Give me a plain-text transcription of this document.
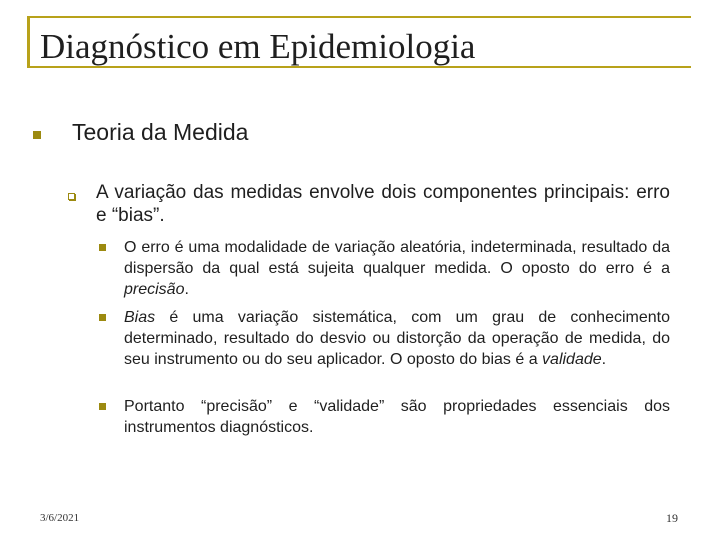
Diagnóstico em Epidemiologia
Teoria da Medida
A variação das medidas envolve dois componentes principais: erro e “bias”.
O erro é uma modalidade de variação aleatória, indeterminada, resultado da dispersão da qual está sujeita qualquer medida. O oposto do erro é a precisão.
Bias é uma variação sistemática, com um grau de conhecimento determinado, resultado do desvio ou distorção da operação de medida, do seu instrumento ou do seu aplicador. O oposto do bias é a validade.
Portanto “precisão” e “validade” são propriedades essenciais dos instrumentos diagnósticos.
3/6/2021	19
